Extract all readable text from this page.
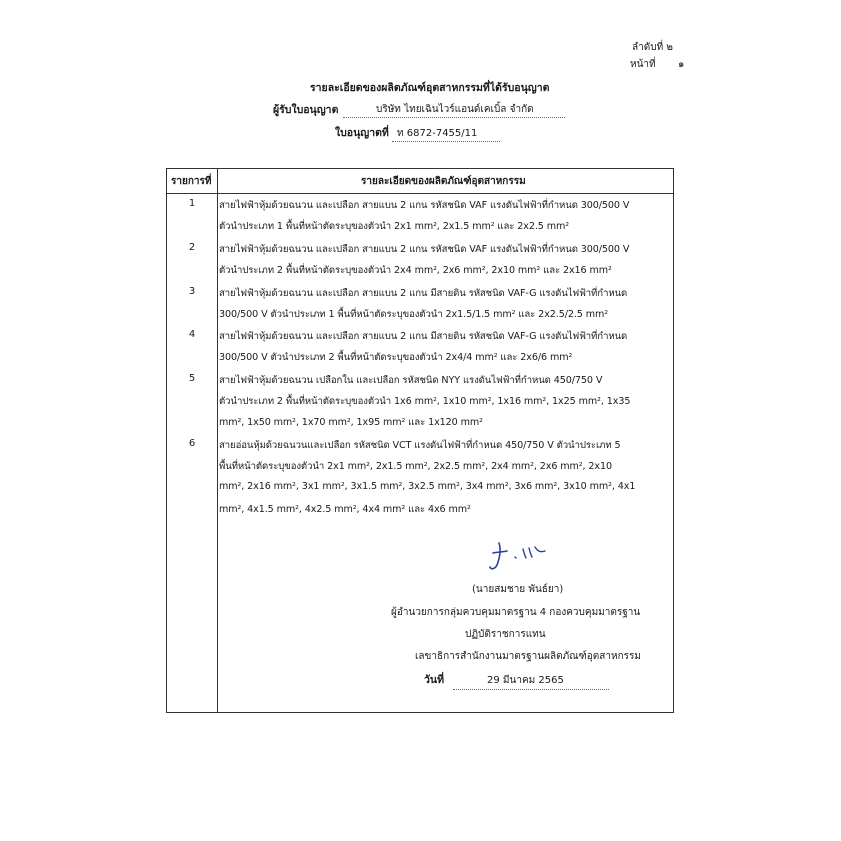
ลำดับที่ ๒
หน้าที่ ๑
รายละเอียดของผลิตภัณฑ์อุตสาหกรรมที่ได้รับอนุญาต
ผู้รับใบอนุญาต	บริษัท ไทยเฉินไวร์แอนด์เคเบิ้ล จำกัด
ใบอนุญาตที่ ท 6872-7455/11
รายการที่	รายละเอียดของผลิตภัณฑ์อุตสาหกรรม
1	สายไฟฟ้าหุ้มด้วยฉนวน และเปลือก สายแบน 2 แกน รหัสชนิด VAF แรงดันไฟฟ้าที่กำหนด 300/500 V
ตัวนำประเภท 1 พื้นที่หน้าตัดระบุของตัวนำ 2x1 mm², 2x1.5 mm² และ 2x2.5 mm²
2	สายไฟฟ้าหุ้มด้วยฉนวน และเปลือก สายแบน 2 แกน รหัสชนิด VAF แรงดันไฟฟ้าที่กำหนด 300/500 V
ตัวนำประเภท 2 พื้นที่หน้าตัดระบุของตัวนำ 2x4 mm², 2x6 mm², 2x10 mm² และ 2x16 mm²
3	สายไฟฟ้าหุ้มด้วยฉนวน และเปลือก สายแบน 2 แกน มีสายดิน รหัสชนิด VAF-G แรงดันไฟฟ้าที่กำหนด
300/500 V ตัวนำประเภท 1 พื้นที่หน้าตัดระบุของตัวนำ 2x1.5/1.5 mm² และ 2x2.5/2.5 mm²
4	สายไฟฟ้าหุ้มด้วยฉนวน และเปลือก สายแบน 2 แกน มีสายดิน รหัสชนิด VAF-G แรงดันไฟฟ้าที่กำหนด
300/500 V ตัวนำประเภท 2 พื้นที่หน้าตัดระบุของตัวนำ 2x4/4 mm² และ 2x6/6 mm²
5	สายไฟฟ้าหุ้มด้วยฉนวน เปลือกใน และเปลือก รหัสชนิด NYY แรงดันไฟฟ้าที่กำหนด 450/750 V
ตัวนำประเภท 2 พื้นที่หน้าตัดระบุของตัวนำ 1x6 mm², 1x10 mm², 1x16 mm², 1x25 mm², 1x35
mm², 1x50 mm², 1x70 mm², 1x95 mm² และ 1x120 mm²
6	สายอ่อนหุ้มด้วยฉนวนและเปลือก รหัสชนิด VCT แรงดันไฟฟ้าที่กำหนด 450/750 V ตัวนำประเภท 5
พื้นที่หน้าตัดระบุของตัวนำ 2x1 mm², 2x1.5 mm², 2x2.5 mm², 2x4 mm², 2x6 mm², 2x10
mm², 2x16 mm², 3x1 mm², 3x1.5 mm², 3x2.5 mm², 3x4 mm², 3x6 mm², 3x10 mm², 4x1
mm², 4x1.5 mm², 4x2.5 mm², 4x4 mm² และ 4x6 mm²
(นายสมชาย พันธ์ยา)
ผู้อำนวยการกลุ่มควบคุมมาตรฐาน 4 กองควบคุมมาตรฐาน
ปฏิบัติราชการแทน
เลขาธิการสำนักงานมาตรฐานผลิตภัณฑ์อุตสาหกรรม
วันที่	29 มีนาคม 2565
